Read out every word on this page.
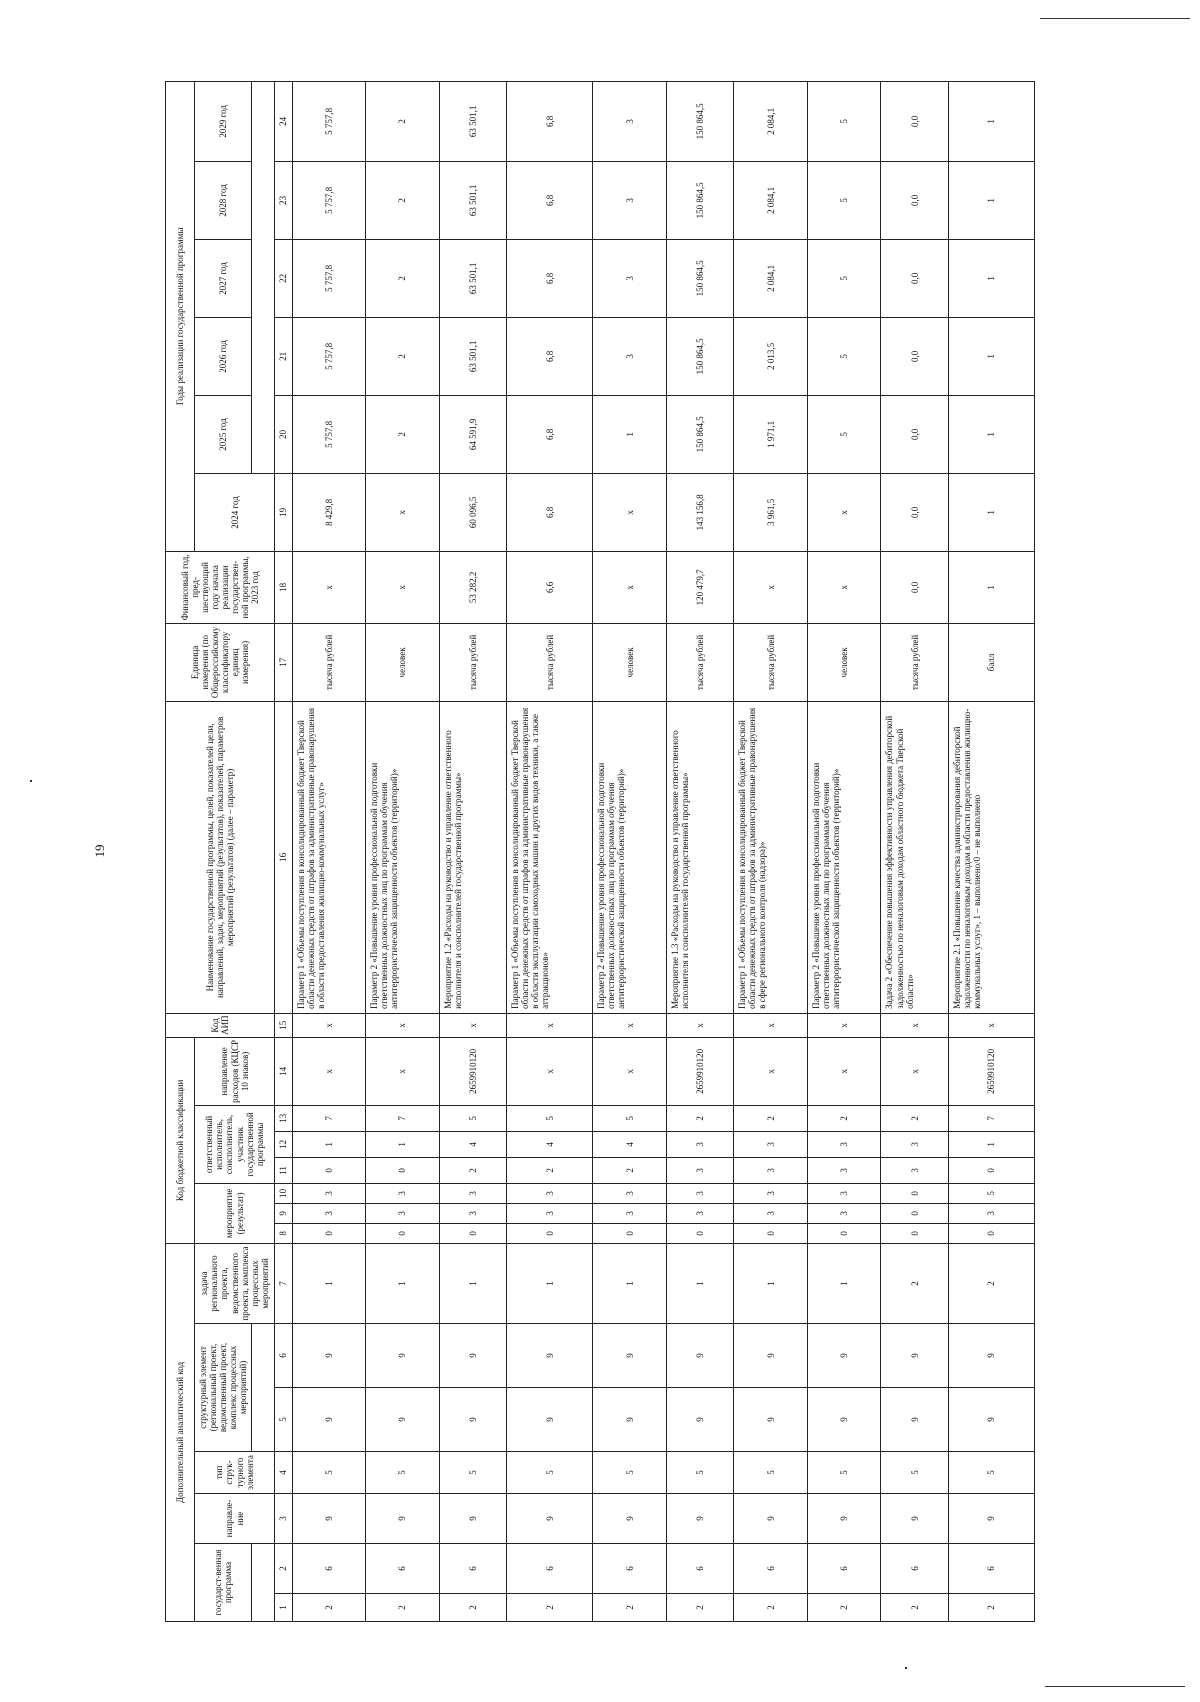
19
Дополнительный аналитический код							Код бюджетной классификации							Код АИП	Наименование государственной программы, целей, показателей цели, направлений, задач, мероприятий (результатов), показателей, параметров мероприятий (результатов) (далее – параметр)	Единица измерения (по Общероссийскому классификатору единиц измерения)	Финансовый год, пред-шествующий году начала реализации государствен-ной программы, 2023 год	Годы реализации государственной программы					
государст-венная программа		направле-ние	тип струк-турного элемента	структурный элемент (региональный проект, ведомственный проект, комплекс процессных мероприятий)		задача регионального проекта, ведомственного проекта, комплекса процессных мероприятий	мероприятие (результат)			ответственный исполнитель, соисполнитель, участник государственной программы			направление расходов (КЦСР 10 знаков)					2024 год	2025 год	2026 год	2027 год	2028 год	2029 год

1	2	3	4	5	6	7	8	9	10	11	12	13	14	15	16	17	18	19	20	21	22	23	24
2	6	9	5	9	9	1	0	3	3	0	1	7	x	x	Параметр 1 «Объемы поступления в консолидированный бюджет Тверской области денежных средств от штрафов за административные правонарушения в области предоставления жилищно-коммунальных услуг»	тысяча рублей	x	8 429,8	5 757,8	5 757,8	5 757,8	5 757,8	5 757,8
2	6	9	5	9	9	1	0	3	3	0	1	7	x	x	Параметр 2 «Повышение уровня профессиональной подготовки ответственных должностных лиц по программам обучения антитеррористической защищенности объектов (территорий)»	человек	x	x	2	2	2	2	2
2	6	9	5	9	9	1	0	3	3	2	4	5	2659910120	x	Мероприятие 1.2 «Расходы на руководство и управление ответственного исполнителя и соисполнителей государственной программы»	тысяча рублей	53 282,2	60 096,5	64 591,9	63 501,1	63 501,1	63 501,1	63 501,1
2	6	9	5	9	9	1	0	3	3	2	4	5	x	x	Параметр 1 «Объемы поступления в консолидированный бюджет Тверской области денежных средств от штрафов за административные правонарушения в области эксплуатации самоходных машин и других видов техники, а также аттракционов»	тысяча рублей	6,6	6,8	6,8	6,8	6,8	6,8	6,8
2	6	9	5	9	9	1	0	3	3	2	4	5	x	x	Параметр 2 «Повышение уровня профессиональной подготовки ответственных должностных лиц по программам обучения антитеррористической защищенности объектов (территорий)»	человек	x	x	1	3	3	3	3
2	6	9	5	9	9	1	0	3	3	3	3	2	2659910120	x	Мероприятие 1.3 «Расходы на руководство и управление ответственного исполнителя и соисполнителей государственной программы»	тысяча рублей	120 479,7	143 156,8	150 864,5	150 864,5	150 864,5	150 864,5	150 864,5
2	6	9	5	9	9	1	0	3	3	3	3	2	x	x	Параметр 1 «Объемы поступления в консолидированный бюджет Тверской области денежных средств от штрафов за административные правонарушения в сфере регионального контроля (надзора)»	тысяча рублей	x	3 961,5	1 971,1	2 013,5	2 084,1	2 084,1	2 084,1
2	6	9	5	9	9	1	0	3	3	3	3	2	x	x	Параметр 2 «Повышение уровня профессиональной подготовки ответственных должностных лиц по программам обучения антитеррористической защищенности объектов (территорий)»	человек	x	x	5	5	5	5	5
2	6	9	5	9	9	2	0	0	0	3	3	2	x	x	Задача 2 «Обеспечение повышения эффективности управления дебиторской задолженностью по неналоговым доходам областного бюджета Тверской области»	тысяча рублей	0,0	0,0	0,0	0,0	0,0	0,0	0,0
2	6	9	5	9	9	2	0	3	5	0	1	7	2659910120	x	Мероприятие 2.1 «Повышение качества администрирования дебиторской задолженности по неналоговым доходам в области предоставления жилищно-коммунальных услуг», 1 – выполнено/0 – не выполнено	балл	1	1	1	1	1	1	1
